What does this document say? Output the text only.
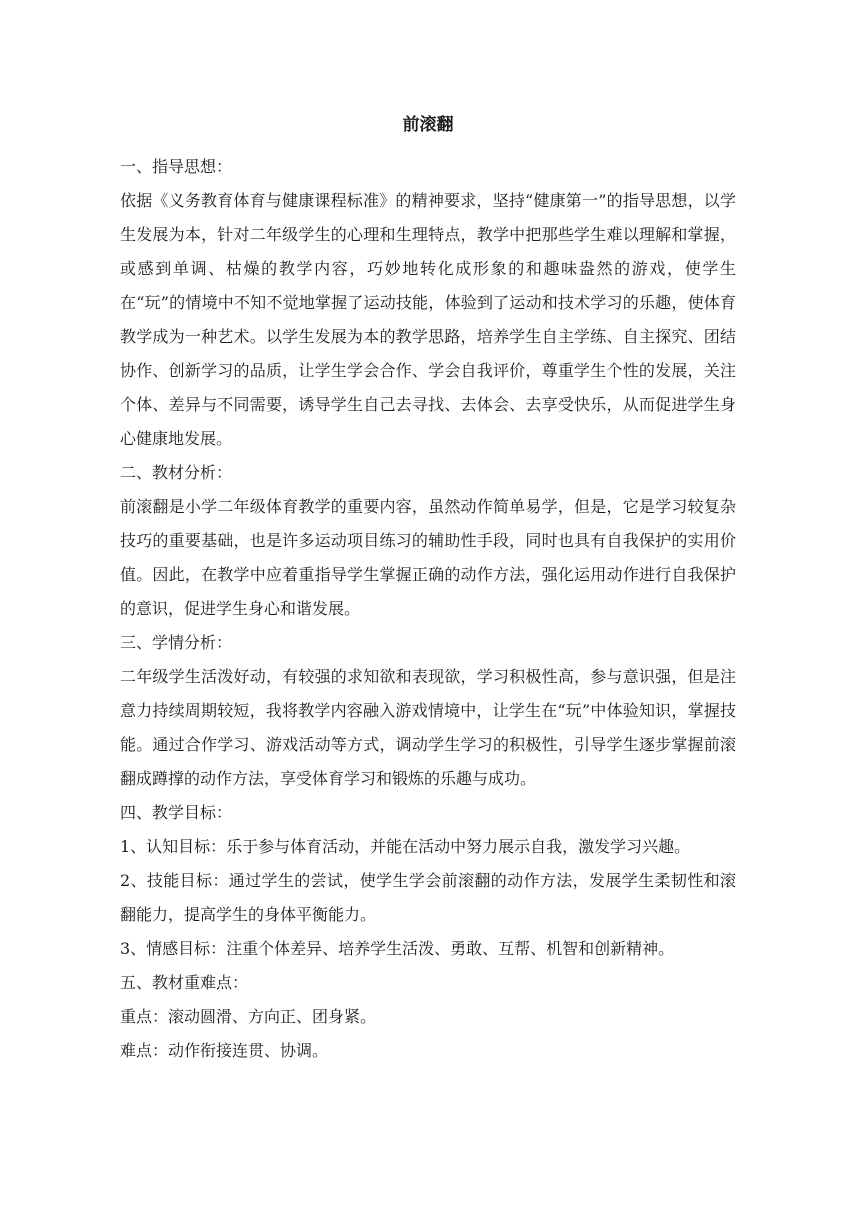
前滚翻
一、指导思想：

依据《义务教育体育与健康课程标准》的精神要求，坚持“健康第一”的指导思想，以学生发展为本，针对二年级学生的心理和生理特点，教学中把那些学生难以理解和掌握，或感到单调、枯燥的教学内容，巧妙地转化成形象的和趣味盎然的游戏，使学生在“玩”的情境中不知不觉地掌握了运动技能，体验到了运动和技术学习的乐趣，使体育教学成为一种艺术。以学生发展为本的教学思路，培养学生自主学练、自主探究、团结协作、创新学习的品质，让学生学会合作、学会自我评价，尊重学生个性的发展，关注个体、差异与不同需要，诱导学生自己去寻找、去体会、去享受快乐，从而促进学生身心健康地发展。

二、教材分析：

前滚翻是小学二年级体育教学的重要内容，虽然动作简单易学，但是，它是学习较复杂技巧的重要基础，也是许多运动项目练习的辅助性手段，同时也具有自我保护的实用价值。因此，在教学中应着重指导学生掌握正确的动作方法，强化运用动作进行自我保护的意识，促进学生身心和谐发展。

三、学情分析：

二年级学生活泼好动，有较强的求知欲和表现欲，学习积极性高，参与意识强，但是注意力持续周期较短，我将教学内容融入游戏情境中，让学生在“玩”中体验知识，掌握技能。通过合作学习、游戏活动等方式，调动学生学习的积极性，引导学生逐步掌握前滚翻成蹲撑的动作方法，享受体育学习和锻炼的乐趣与成功。

四、教学目标：

1、认知目标：乐于参与体育活动，并能在活动中努力展示自我，激发学习兴趣。

2、技能目标：通过学生的尝试，使学生学会前滚翻的动作方法，发展学生柔韧性和滚翻能力，提高学生的身体平衡能力。

3、情感目标：注重个体差异、培养学生活泼、勇敢、互帮、机智和创新精神。

五、教材重难点：

重点：滚动圆滑、方向正、团身紧。

难点：动作衔接连贯、协调。
